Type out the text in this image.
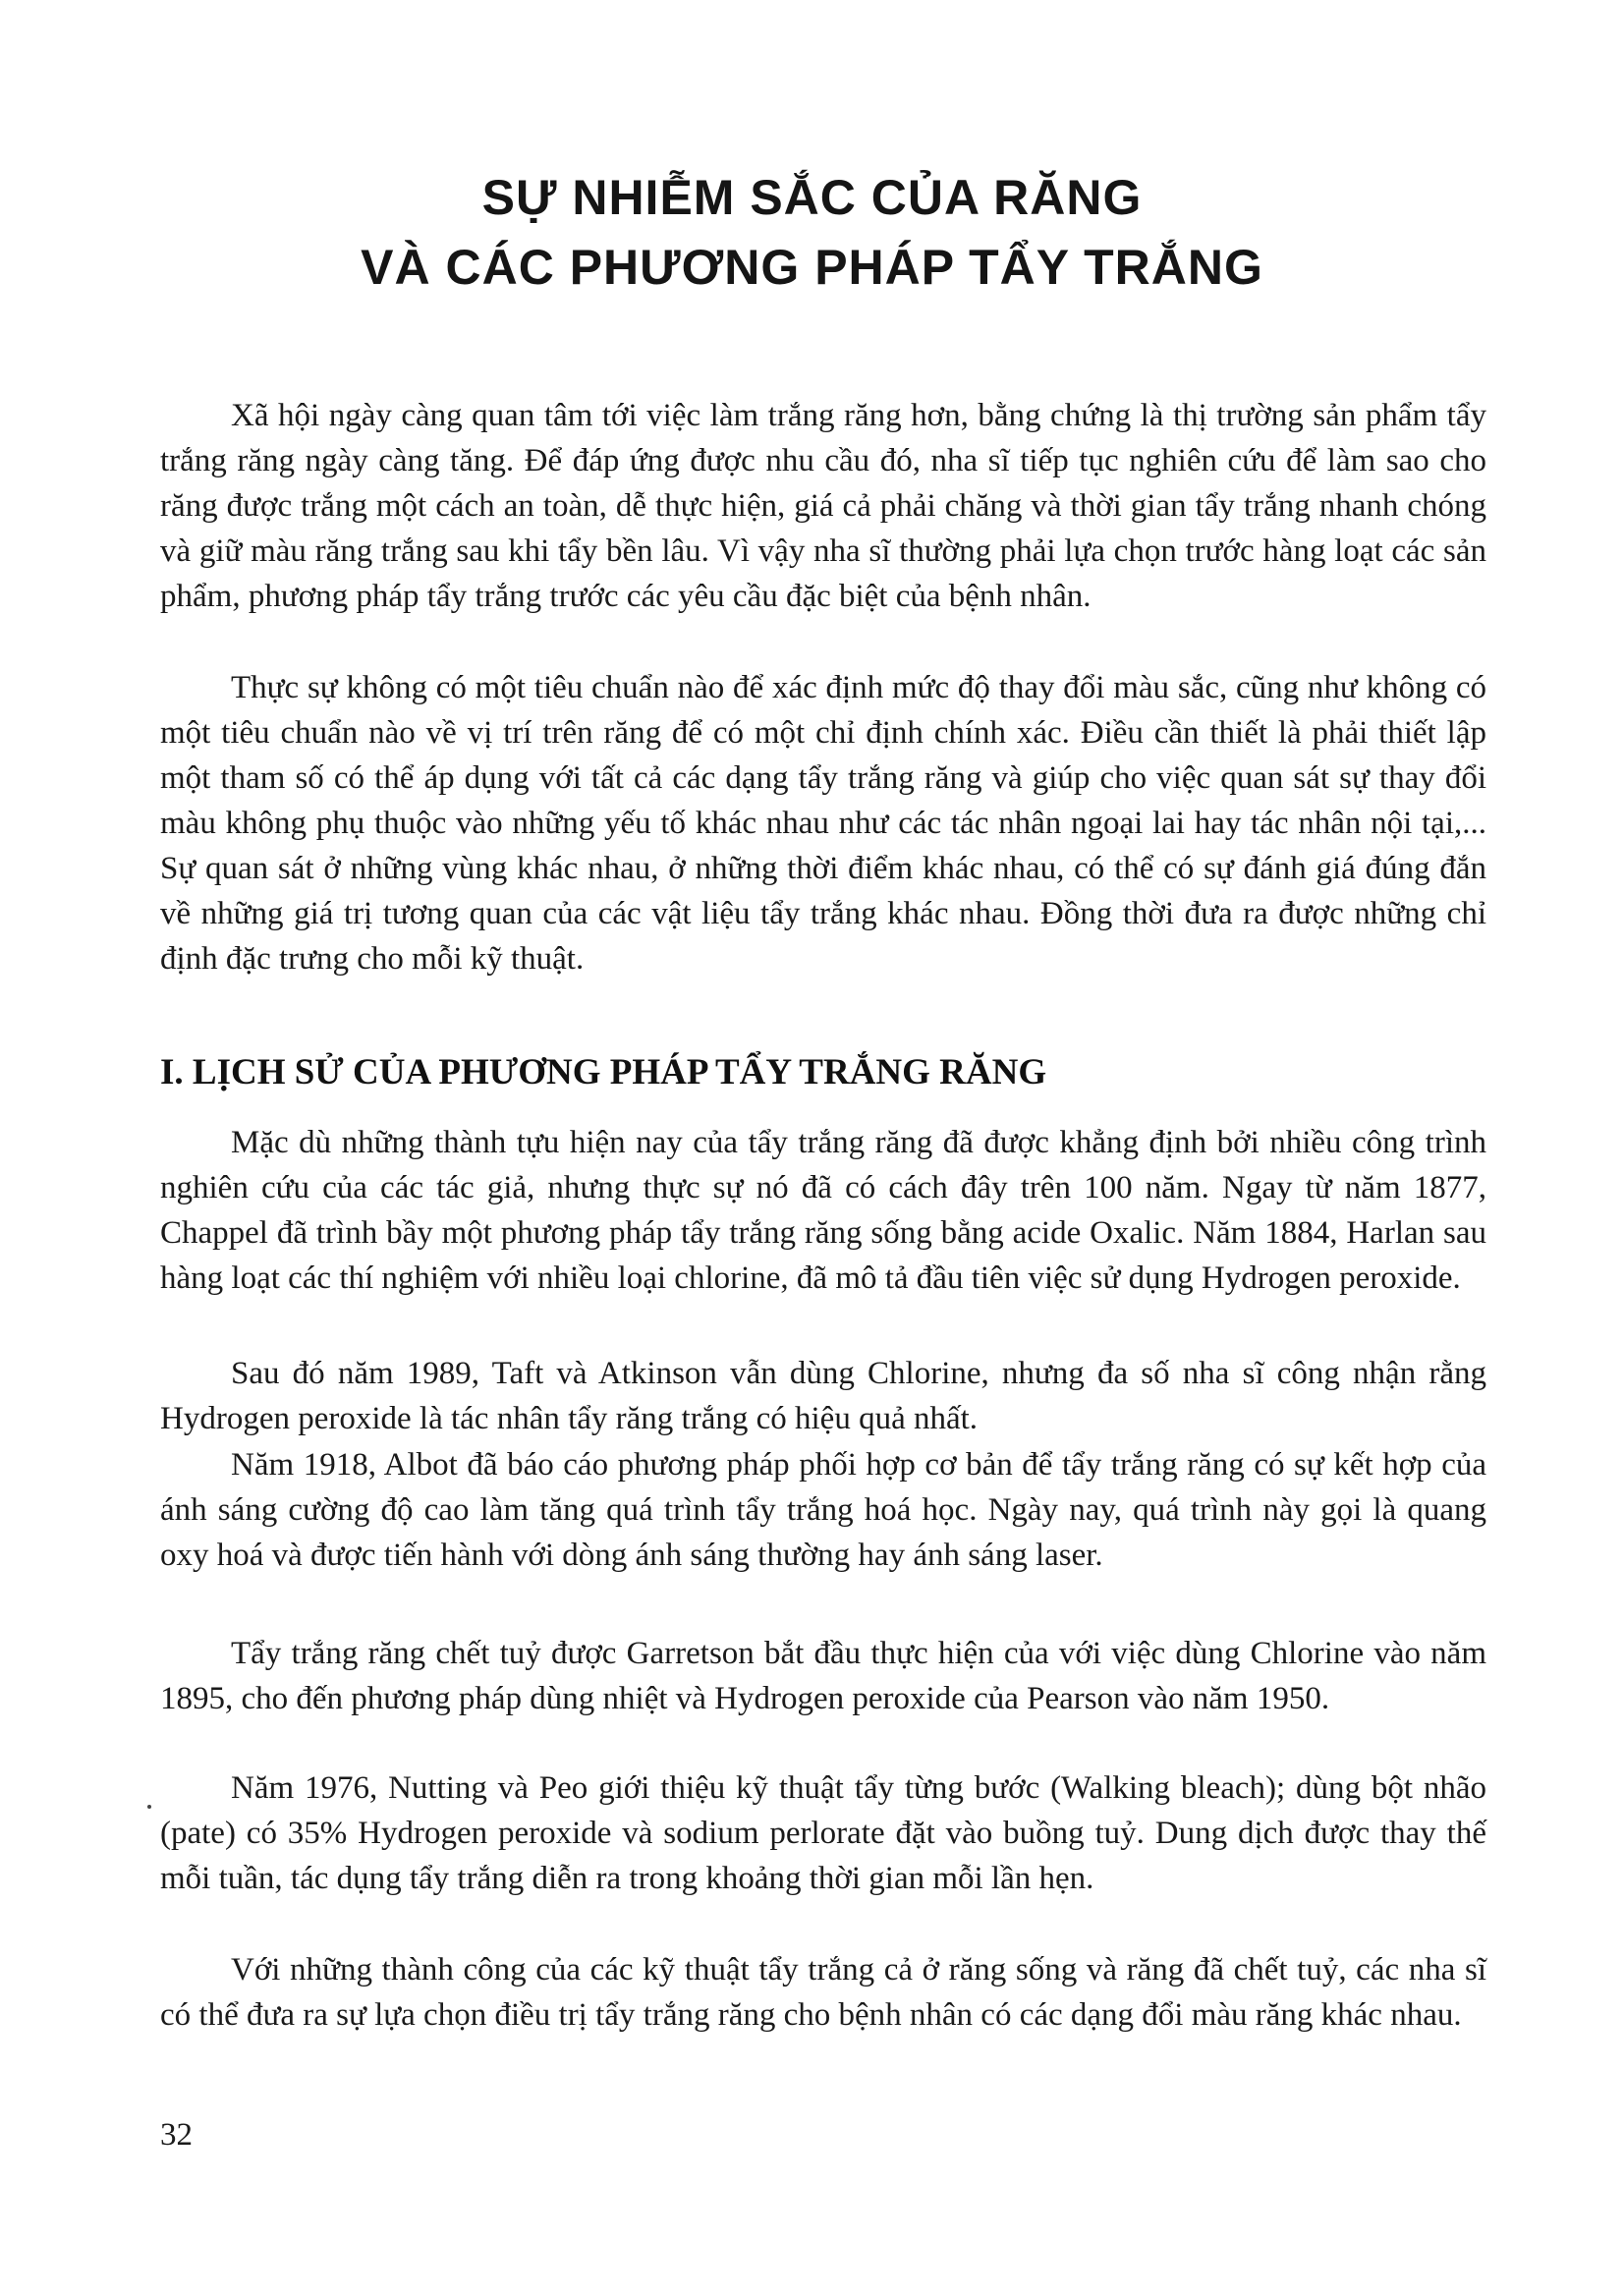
SỰ NHIỄM SẮC CỦA RĂNG
VÀ CÁC PHƯƠNG PHÁP TẨY TRẮNG

Xã hội ngày càng quan tâm tới việc làm trắng răng hơn, bằng chứng là thị trường sản phẩm tẩy trắng răng ngày càng tăng. Để đáp ứng được nhu cầu đó, nha sĩ tiếp tục nghiên cứu để làm sao cho răng được trắng một cách an toàn, dễ thực hiện, giá cả phải chăng và thời gian tẩy trắng nhanh chóng và giữ màu răng trắng sau khi tẩy bền lâu. Vì vậy nha sĩ thường phải lựa chọn trước hàng loạt các sản phẩm, phương pháp tẩy trắng trước các yêu cầu đặc biệt của bệnh nhân.

Thực sự không có một tiêu chuẩn nào để xác định mức độ thay đổi màu sắc, cũng như không có một tiêu chuẩn nào về vị trí trên răng để có một chỉ định chính xác. Điều cần thiết là phải thiết lập một tham số có thể áp dụng với tất cả các dạng tẩy trắng răng và giúp cho việc quan sát sự thay đổi màu không phụ thuộc vào những yếu tố khác nhau như các tác nhân ngoại lai hay tác nhân nội tại,... Sự quan sát ở những vùng khác nhau, ở những thời điểm khác nhau, có thể có sự đánh giá đúng đắn về những giá trị tương quan của các vật liệu tẩy trắng khác nhau. Đồng thời đưa ra được những chỉ định đặc trưng cho mỗi kỹ thuật.

I. LỊCH SỬ CỦA PHƯƠNG PHÁP TẨY TRẮNG RĂNG

Mặc dù những thành tựu hiện nay của tẩy trắng răng đã được khẳng định bởi nhiều công trình nghiên cứu của các tác giả, nhưng thực sự nó đã có cách đây trên 100 năm. Ngay từ năm 1877, Chappel đã trình bầy một phương pháp tẩy trắng răng sống bằng acide Oxalic. Năm 1884, Harlan sau hàng loạt các thí nghiệm với nhiều loại chlorine, đã mô tả đầu tiên việc sử dụng Hydrogen peroxide.

Sau đó năm 1989, Taft và Atkinson vẫn dùng Chlorine, nhưng đa số nha sĩ công nhận rằng Hydrogen peroxide là tác nhân tẩy răng trắng có hiệu quả nhất.

Năm 1918, Albot đã báo cáo phương pháp phối hợp cơ bản để tẩy trắng răng có sự kết hợp của ánh sáng cường độ cao làm tăng quá trình tẩy trắng hoá học. Ngày nay, quá trình này gọi là quang oxy hoá và được tiến hành với dòng ánh sáng thường hay ánh sáng laser.

Tẩy trắng răng chết tuỷ được Garretson bắt đầu thực hiện của với việc dùng Chlorine vào năm 1895, cho đến phương pháp dùng nhiệt và Hydrogen peroxide của Pearson vào năm 1950.

Năm 1976, Nutting và Peo giới thiệu kỹ thuật tẩy từng bước (Walking bleach); dùng bột nhão (pate) có 35% Hydrogen peroxide và sodium perlorate đặt vào buồng tuỷ. Dung dịch được thay thế mỗi tuần, tác dụng tẩy trắng diễn ra trong khoảng thời gian mỗi lần hẹn.

Với những thành công của các kỹ thuật tẩy trắng cả ở răng sống và răng đã chết tuỷ, các nha sĩ có thể đưa ra sự lựa chọn điều trị tẩy trắng răng cho bệnh nhân có các dạng đổi màu răng khác nhau.

32
